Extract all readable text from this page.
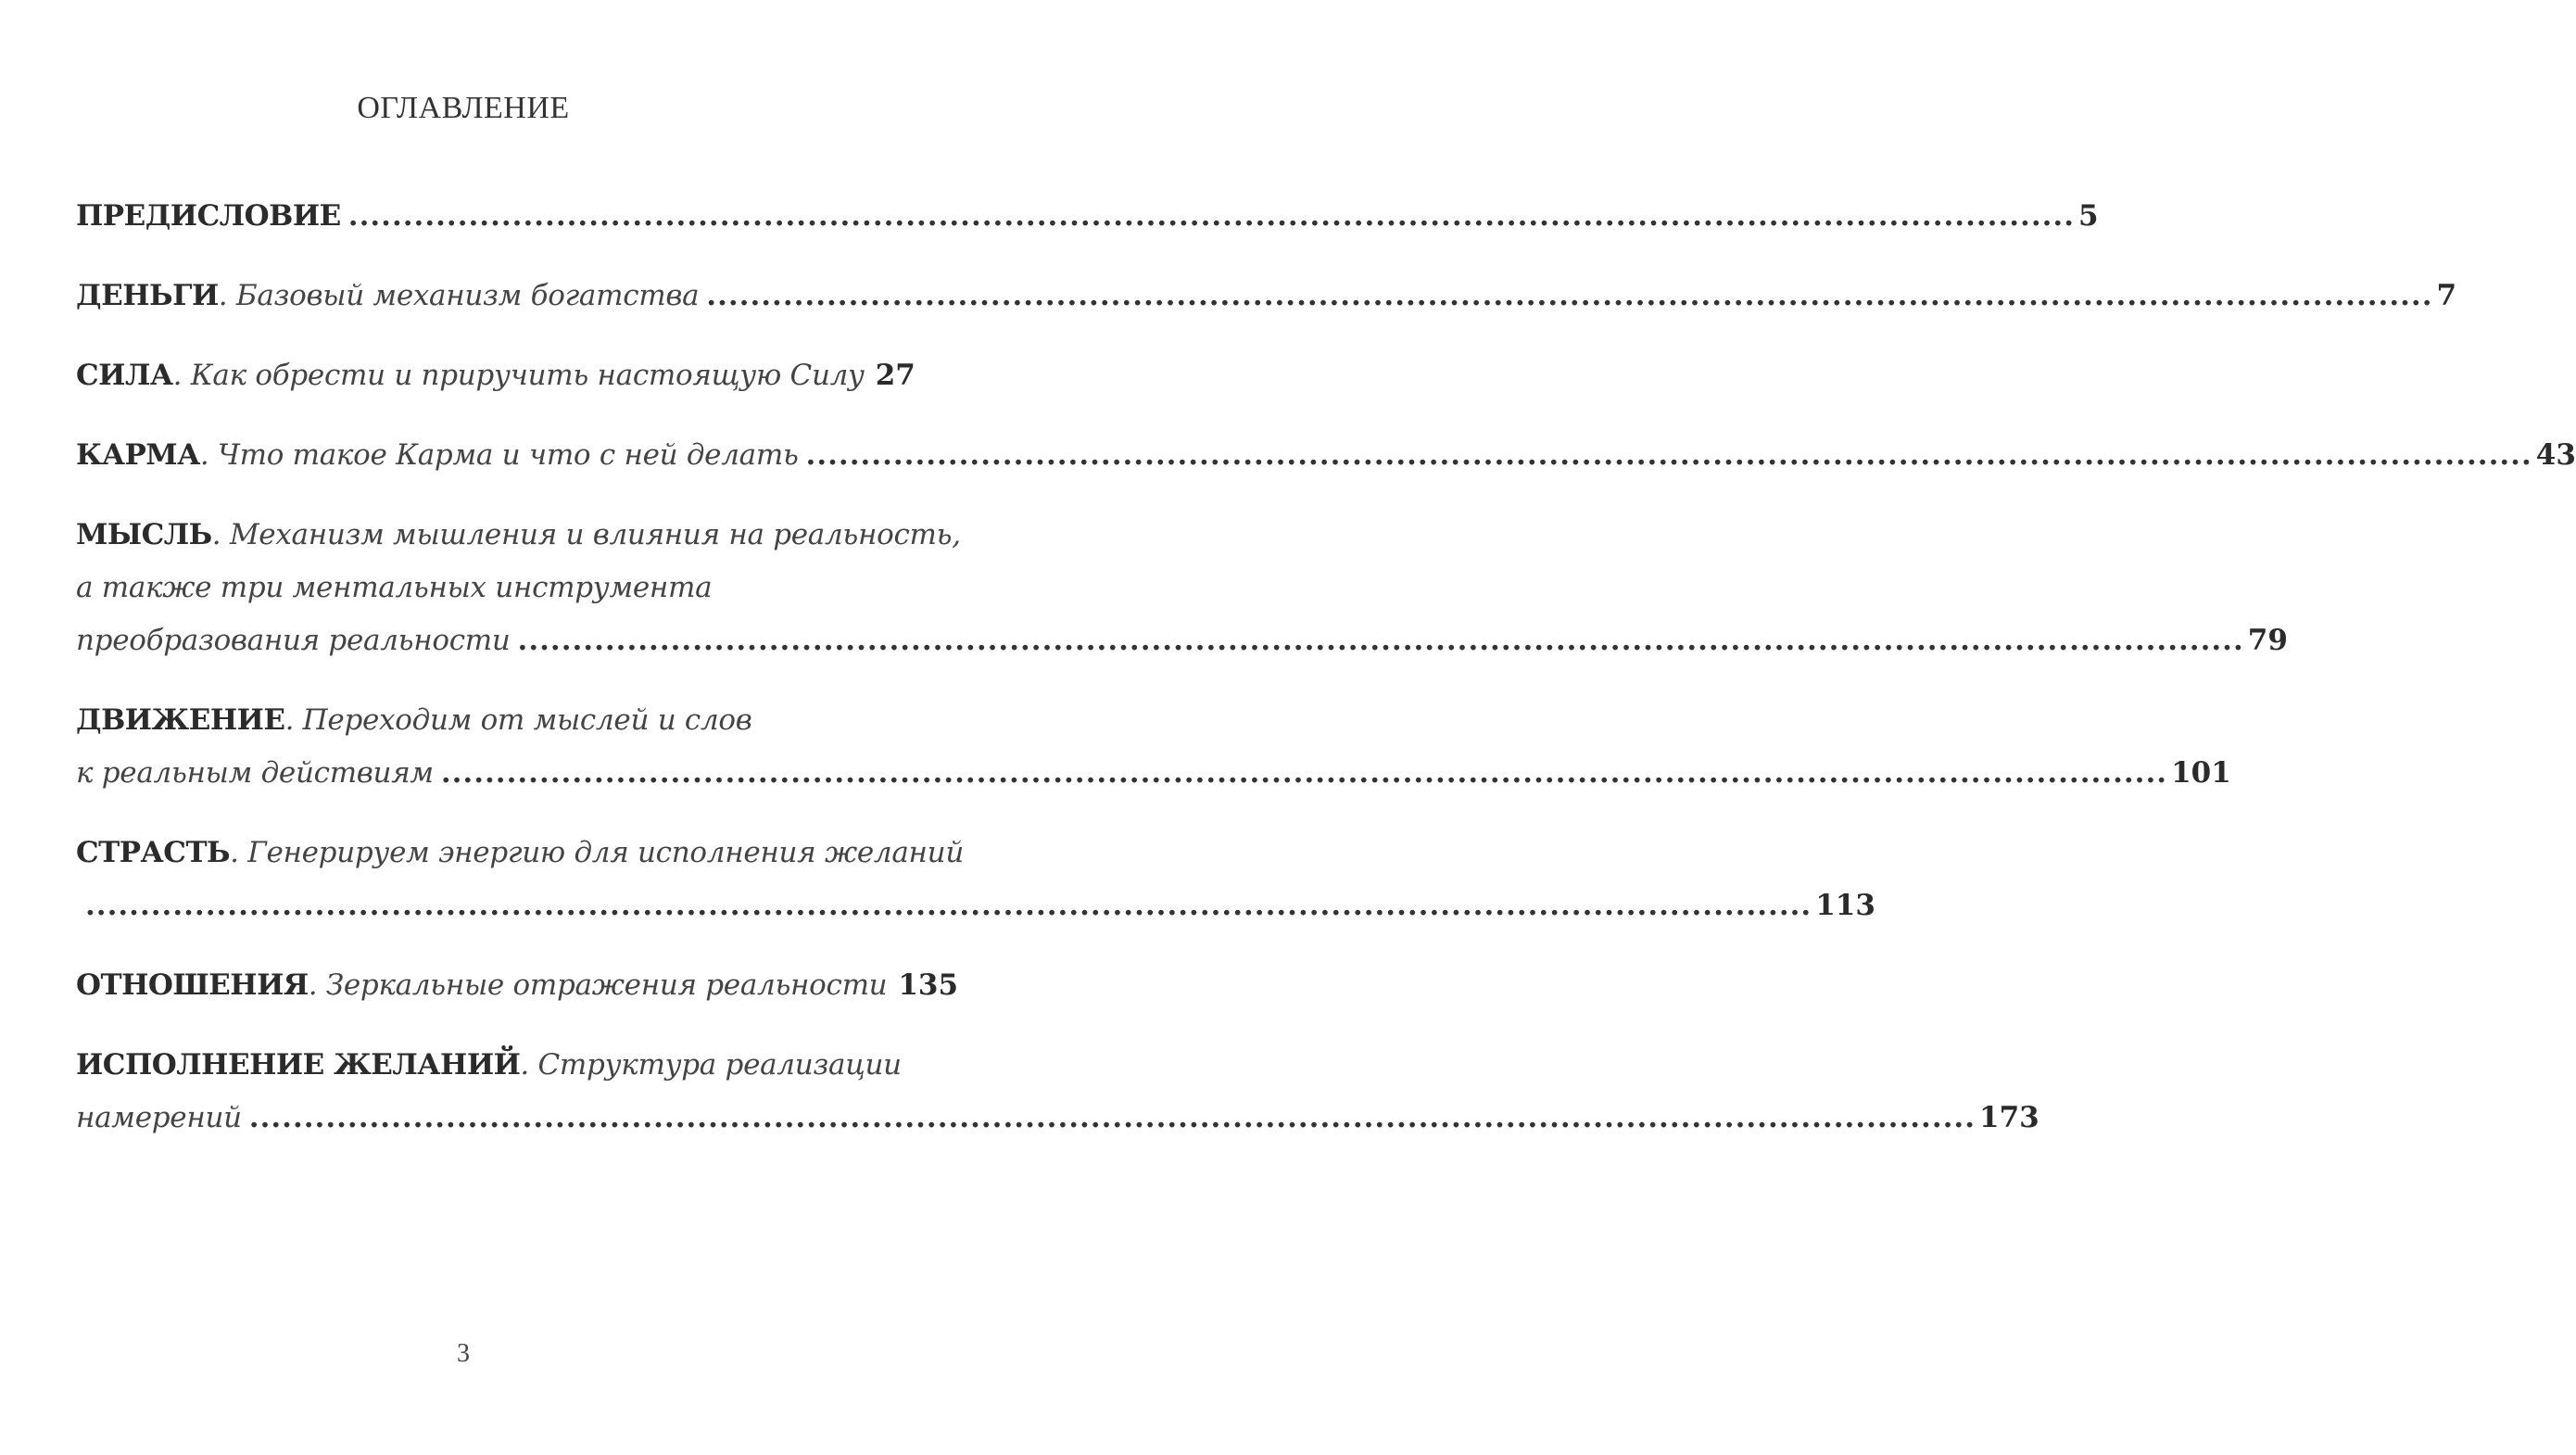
ОГЛАВЛЕНИЕ
ПРЕДИСЛОВИЕ .............................................................................................................................................................. 5
ДЕНЬГИ . Базовый механизм богатства .............................................................................................................................................................. 7
СИЛА . Как обрести и приручить настоящую Силу 27
КАРМА . Что такое Карма и что с ней делать .............................................................................................................................................................. 43
МЫСЛЬ . Механизм мышления и влияния на реальность,
а также три ментальных инструмента
преобразования реальности .............................................................................................................................................................. 79
ДВИЖЕНИЕ . Переходим от мыслей и слов
к реальным действиям .............................................................................................................................................................. 101
СТРАСТЬ . Генерируем энергию для исполнения желаний
.............................................................................................................................................................. 113
ОТНОШЕНИЯ . Зеркальные отражения реальности 135
ИСПОЛНЕНИЕ ЖЕЛАНИЙ . Структура реализации
намерений .............................................................................................................................................................. 173
3
